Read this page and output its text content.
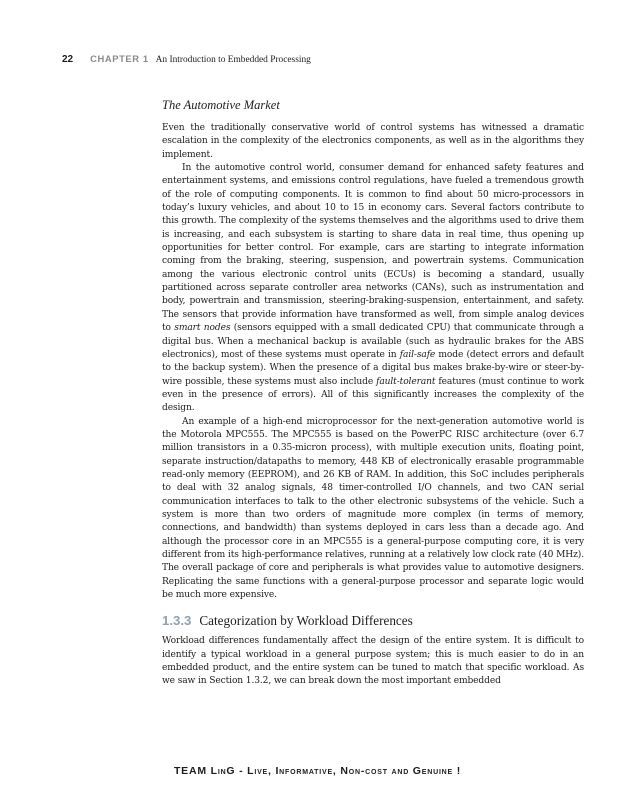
22 CHAPTER 1 An Introduction to Embedded Processing
The Automotive Market

Even the traditionally conservative world of control systems has witnessed a dramatic escalation in the complexity of the electronics components, as well as in the algorithms they implement.

In the automotive control world, consumer demand for enhanced safety features and entertainment systems, and emissions control regulations, have fueled a tremendous growth of the role of computing components. It is common to find about 50 micro-processors in today’s luxury vehicles, and about 10 to 15 in economy cars. Several factors contribute to this growth. The complexity of the systems themselves and the algorithms used to drive them is increasing, and each subsystem is starting to share data in real time, thus opening up opportunities for better control. For example, cars are starting to integrate information coming from the braking, steering, suspension, and powertrain systems. Communication among the various electronic control units (ECUs) is becoming a standard, usually partitioned across separate controller area networks (CANs), such as instrumentation and body, powertrain and transmission, steering-braking-suspension, entertainment, and safety. The sensors that provide information have transformed as well, from simple analog devices to smart nodes (sensors equipped with a small dedicated CPU) that communicate through a digital bus. When a mechanical backup is available (such as hydraulic brakes for the ABS electronics), most of these systems must operate in fail-safe mode (detect errors and default to the backup system). When the presence of a digital bus makes brake-by-wire or steer-by-wire possible, these systems must also include fault-tolerant features (must continue to work even in the presence of errors). All of this significantly increases the complexity of the design.

An example of a high-end microprocessor for the next-generation automotive world is the Motorola MPC555. The MPC555 is based on the PowerPC RISC architecture (over 6.7 million transistors in a 0.35-micron process), with multiple execution units, floating point, separate instruction/datapaths to memory, 448 KB of electronically erasable programmable read-only memory (EEPROM), and 26 KB of RAM. In addition, this SoC includes peripherals to deal with 32 analog signals, 48 timer-controlled I/O channels, and two CAN serial communication interfaces to talk to the other electronic subsystems of the vehicle. Such a system is more than two orders of magnitude more complex (in terms of memory, connections, and bandwidth) than systems deployed in cars less than a decade ago. And although the processor core in an MPC555 is a general-purpose computing core, it is very different from its high-performance relatives, running at a relatively low clock rate (40 MHz). The overall package of core and peripherals is what provides value to automotive designers. Replicating the same functions with a general-purpose processor and separate logic would be much more expensive.

1.3.3 Categorization by Workload Differences

Workload differences fundamentally affect the design of the entire system. It is difficult to identify a typical workload in a general purpose system; this is much easier to do in an embedded product, and the entire system can be tuned to match that specific workload. As we saw in Section 1.3.2, we can break down the most important embedded

TEAM LinG - Live, Informative, Non-cost and Genuine !
